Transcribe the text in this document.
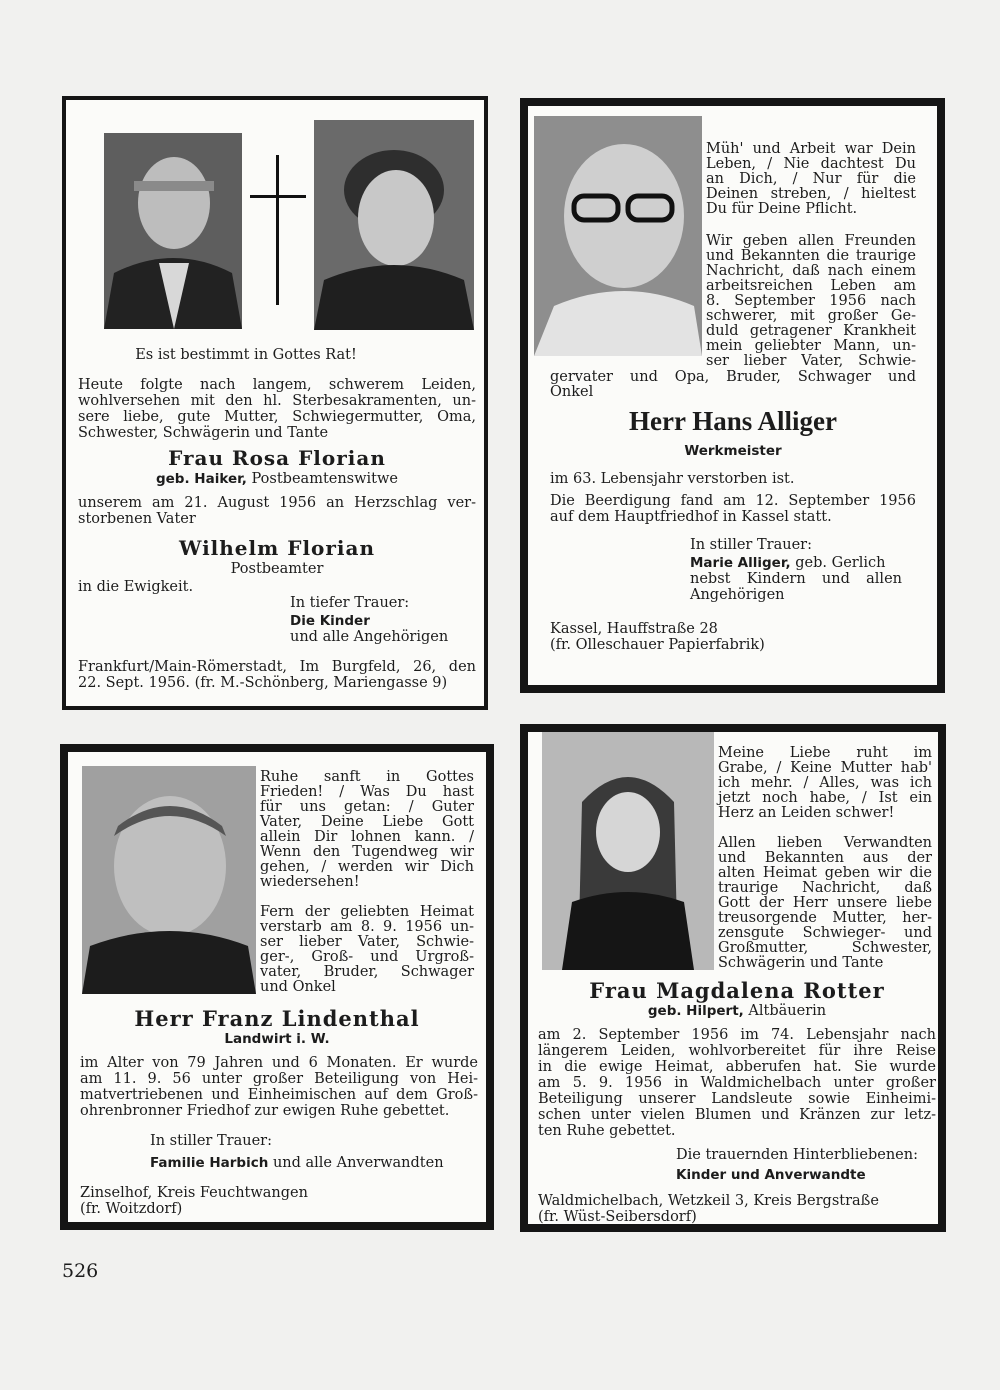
Es ist bestimmt in Gottes Rat!

Heute folgte nach langem, schwerem Leiden,

wohlversehen mit den hl. Sterbesakramenten, un-

sere liebe, gute Mutter, Schwiegermutter, Oma,

Schwester, Schwägerin und Tante

Frau Rosa Florian

geb. Haiker, Postbeamtenswitwe

unserem am 21. August 1956 an Herzschlag ver-

storbenen Vater

Wilhelm Florian

Postbeamter

in die Ewigkeit.

In tiefer Trauer:

Die Kinder

und alle Angehörigen

Frankfurt/Main-Römerstadt, Im Burgfeld, 26, den

22. Sept. 1956. (fr. M.-Schönberg, Mariengasse 9)

Müh' und Arbeit war Dein

Leben, / Nie dachtest Du

an Dich, / Nur für die

Deinen streben, / hieltest

Du für Deine Pflicht.

Wir geben allen Freunden

und Bekannten die traurige

Nachricht, daß nach einem

arbeitsreichen Leben am

8. September 1956 nach

schwerer, mit großer Ge-

duld getragener Krankheit

mein geliebter Mann, un-

ser lieber Vater, Schwie-

gervater und Opa, Bruder, Schwager und

Onkel

Herr Hans Alliger

Werkmeister

im 63. Lebensjahr verstorben ist.

Die Beerdigung fand am 12. September 1956

auf dem Hauptfriedhof in Kassel statt.

In stiller Trauer:

Marie Alliger, geb. Gerlich

nebst Kindern und allen

Angehörigen

Kassel, Hauffstraße 28

(fr. Olleschauer Papierfabrik)

Ruhe sanft in Gottes

Frieden! / Was Du hast

für uns getan: / Guter

Vater, Deine Liebe Gott

allein Dir lohnen kann. /

Wenn den Tugendweg wir

gehen, / werden wir Dich

wiedersehen!

Fern der geliebten Heimat

verstarb am 8. 9. 1956 un-

ser lieber Vater, Schwie-

ger-, Groß- und Urgroß-

vater, Bruder, Schwager

und Onkel

Herr Franz Lindenthal

Landwirt i. W.

im Alter von 79 Jahren und 6 Monaten. Er wurde

am 11. 9. 56 unter großer Beteiligung von Hei-

matvertriebenen und Einheimischen auf dem Groß-

ohrenbronner Friedhof zur ewigen Ruhe gebettet.

In stiller Trauer:

Familie Harbich und alle Anverwandten

Zinselhof, Kreis Feuchtwangen

(fr. Woitzdorf)

Meine Liebe ruht im

Grabe, / Keine Mutter hab'

ich mehr. / Alles, was ich

jetzt noch habe, / Ist ein

Herz an Leiden schwer!

Allen lieben Verwandten

und Bekannten aus der

alten Heimat geben wir die

traurige Nachricht, daß

Gott der Herr unsere liebe

treusorgende Mutter, her-

zensgute Schwieger- und

Großmutter, Schwester,

Schwägerin und Tante

Frau Magdalena Rotter

geb. Hilpert, Altbäuerin

am 2. September 1956 im 74. Lebensjahr nach

längerem Leiden, wohlvorbereitet für ihre Reise

in die ewige Heimat, abberufen hat. Sie wurde

am 5. 9. 1956 in Waldmichelbach unter großer

Beteiligung unserer Landsleute sowie Einheimi-

schen unter vielen Blumen und Kränzen zur letz-

ten Ruhe gebettet.

Die trauernden Hinterbliebenen:

Kinder und Anverwandte

Waldmichelbach, Wetzkeil 3, Kreis Bergstraße

(fr. Wüst-Seibersdorf)

526
